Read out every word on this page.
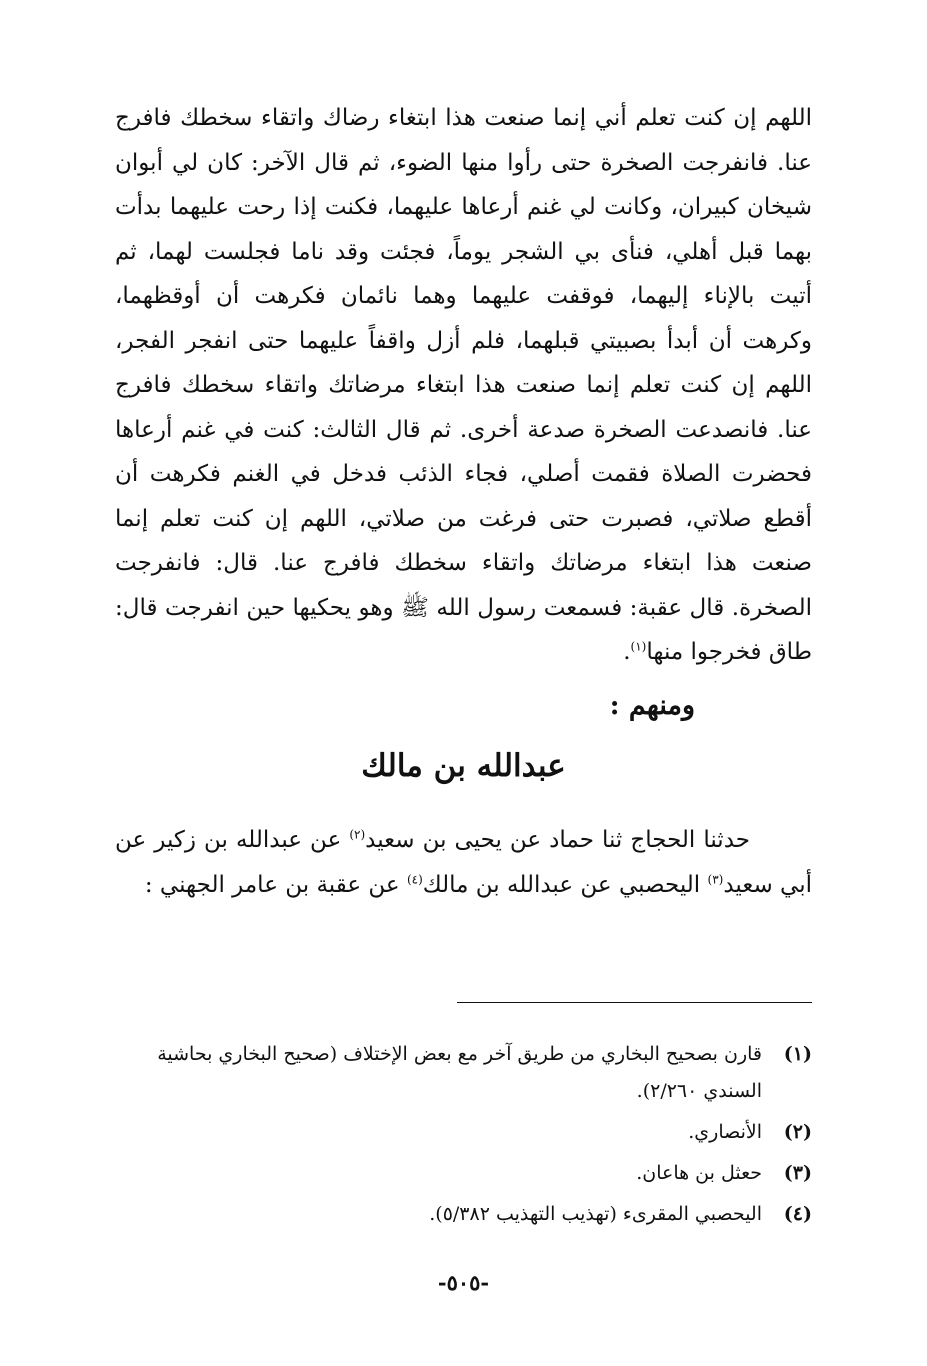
اللهم إن كنت تعلم أني إنما صنعت هذا ابتغاء رضاك واتقاء سخطك فافرج عنا. فانفرجت الصخرة حتى رأوا منها الضوء، ثم قال الآخر: كان لي أبوان شيخان كبيران، وكانت لي غنم أرعاها عليهما، فكنت إذا رحت عليهما بدأت بهما قبل أهلي، فنأى بي الشجر يوماً، فجئت وقد ناما فجلست لهما، ثم أتيت بالإناء إليهما، فوقفت عليهما وهما نائمان فكرهت أن أوقظهما، وكرهت أن أبدأ بصبيتي قبلهما، فلم أزل واقفاً عليهما حتى انفجر الفجر، اللهم إن كنت تعلم إنما صنعت هذا ابتغاء مرضاتك واتقاء سخطك فافرج عنا. فانصدعت الصخرة صدعة أخرى. ثم قال الثالث: كنت في غنم أرعاها فحضرت الصلاة فقمت أصلي، فجاء الذئب فدخل في الغنم فكرهت أن أقطع صلاتي، فصبرت حتى فرغت من صلاتي، اللهم إن كنت تعلم إنما صنعت هذا ابتغاء مرضاتك واتقاء سخطك فافرج عنا. قال: فانفرجت الصخرة. قال عقبة: فسمعت رسول الله ﷺ وهو يحكيها حين انفرجت قال: طاق فخرجوا منها$^{(١)}$.

ومنهم :
عبدالله بن مالك

حدثنا الحجاج ثنا حماد عن يحيى بن سعيد$^{(٢)}$ عن عبدالله بن زكير عن أبي سعيد$^{(٣)}$ اليحصبي عن عبدالله بن مالك$^{(٤)}$ عن عقبة بن عامر الجهني :

(١)
قارن بصحيح البخاري من طريق آخر مع بعض الإختلاف (صحيح البخاري بحاشية السندي ٢/٢٦٠).
(٢)
الأنصاري.
(٣)
حعثل بن هاعان.
(٤)
اليحصبي المقرىء (تهذيب التهذيب ٥/٣٨٢).
-٥٠٥-
